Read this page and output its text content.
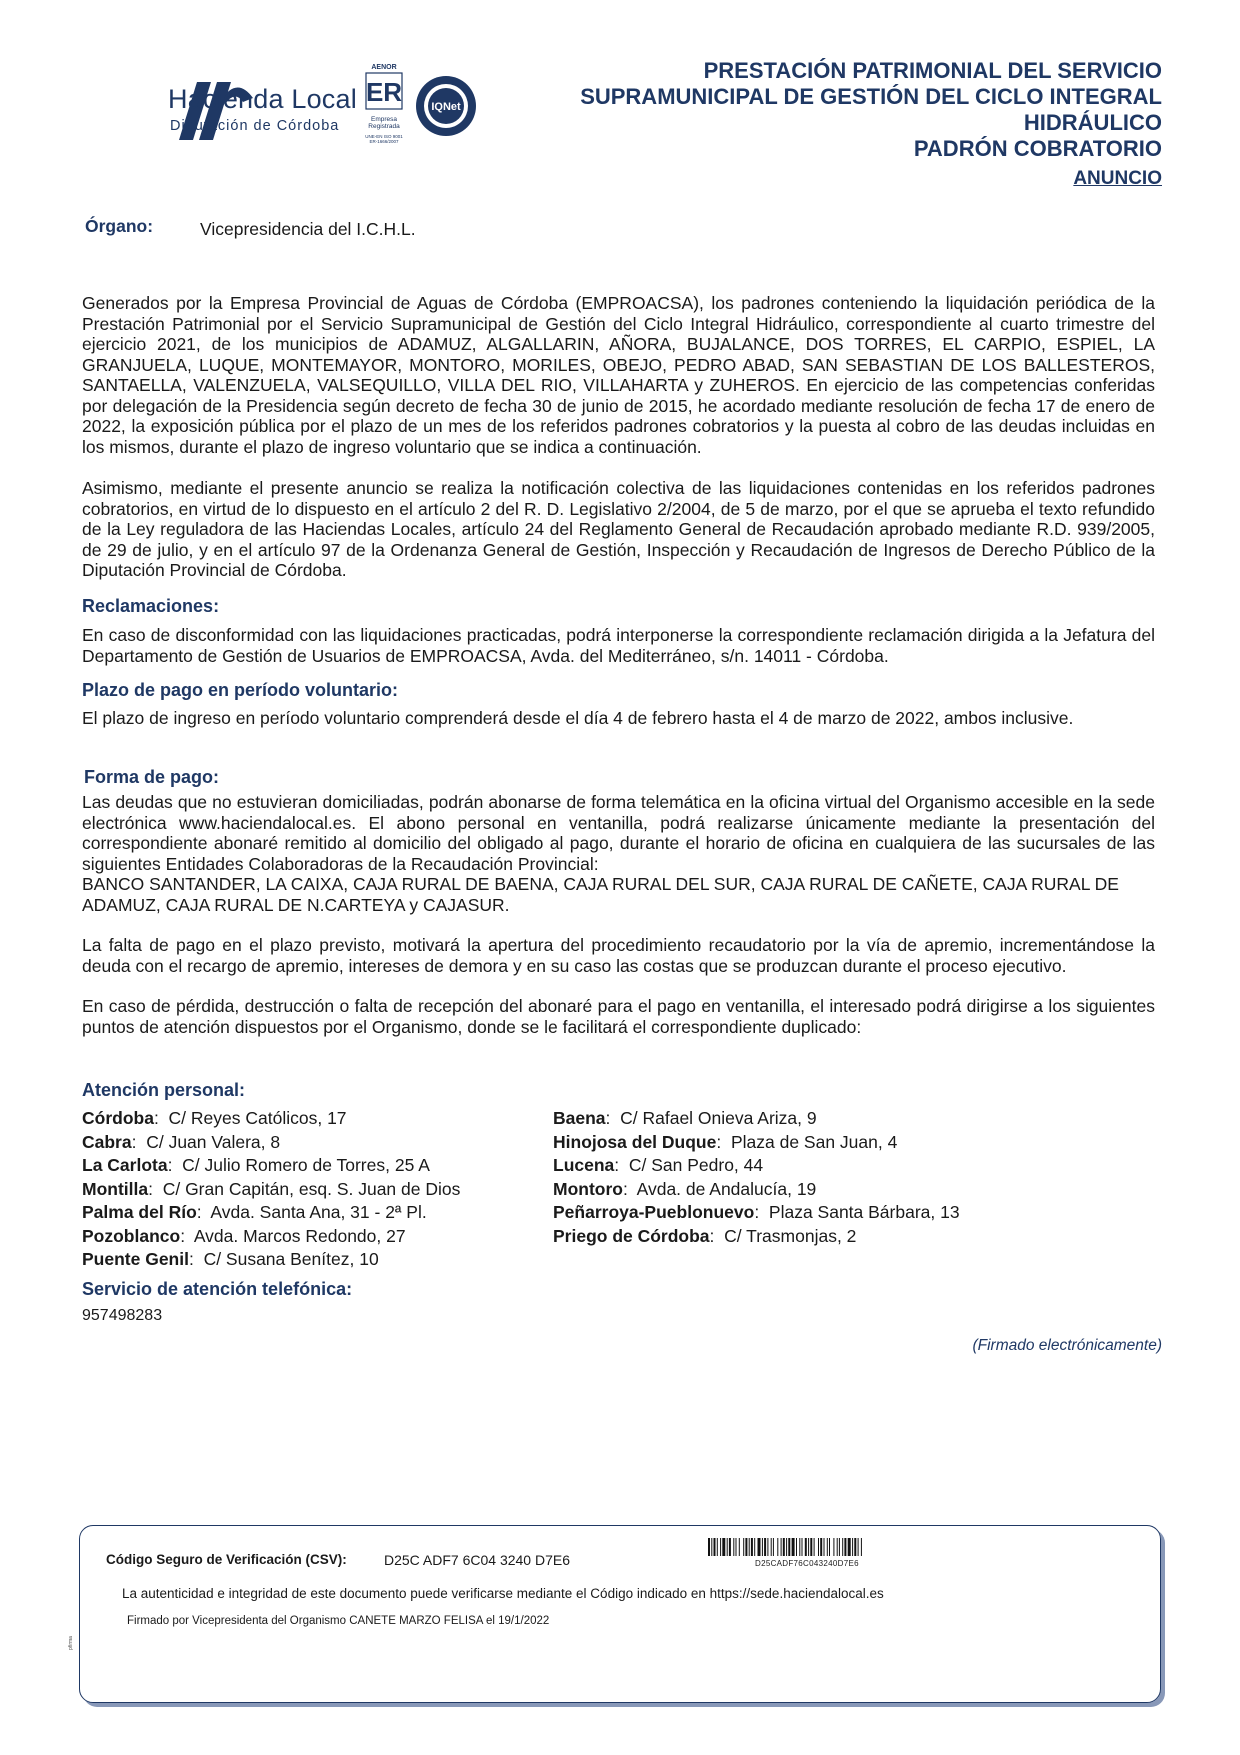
Hacienda Local
Diputación de Córdoba
AENOR
ER
Empresa
Registrada
UNE-EN ISO 9001
ER-1666/2007
IQNet
PRESTACIÓN PATRIMONIAL DEL SERVICIO
SUPRAMUNICIPAL DE GESTIÓN DEL CICLO INTEGRAL
HIDRÁULICO
PADRÓN COBRATORIO
ANUNCIO
Órgano:	Vicepresidencia del I.C.H.L.

Generados por la Empresa Provincial de Aguas de Córdoba (EMPROACSA), los padrones conteniendo la liquidación periódica de la Prestación Patrimonial por el Servicio Supramunicipal de Gestión del Ciclo Integral Hidráulico, correspondiente al cuarto trimestre del ejercicio 2021, de los municipios de ADAMUZ, ALGALLARIN, AÑORA, BUJALANCE, DOS TORRES, EL CARPIO, ESPIEL, LA GRANJUELA, LUQUE, MONTEMAYOR, MONTORO, MORILES, OBEJO, PEDRO ABAD, SAN SEBASTIAN DE LOS BALLESTEROS, SANTAELLA, VALENZUELA, VALSEQUILLO, VILLA DEL RIO, VILLAHARTA y ZUHEROS. En ejercicio de las competencias conferidas por delegación de la Presidencia según decreto de fecha 30 de junio de 2015, he acordado mediante resolución de fecha 17 de enero de 2022, la exposición pública por el plazo de un mes de los referidos padrones cobratorios y la puesta al cobro de las deudas incluidas en los mismos, durante el plazo de ingreso voluntario que se indica a continuación.

Asimismo, mediante el presente anuncio se realiza la notificación colectiva de las liquidaciones contenidas en los referidos padrones cobratorios, en virtud de lo dispuesto en el artículo 2 del R. D. Legislativo 2/2004, de 5 de marzo, por el que se aprueba el texto refundido de la Ley reguladora de las Haciendas Locales, artículo 24 del Reglamento General de Recaudación aprobado mediante R.D. 939/2005, de 29 de julio, y en el artículo 97 de la Ordenanza General de Gestión, Inspección y Recaudación de Ingresos de Derecho Público de la Diputación Provincial de Córdoba.

Reclamaciones:

En caso de disconformidad con las liquidaciones practicadas, podrá interponerse la correspondiente reclamación dirigida a la Jefatura del Departamento de Gestión de Usuarios de EMPROACSA, Avda. del Mediterráneo, s/n. 14011 - Córdoba.

Plazo de pago en período voluntario:

El plazo de ingreso en período voluntario comprenderá desde el día 4 de febrero hasta el 4 de marzo de 2022, ambos inclusive.

Forma de pago:

Las deudas que no estuvieran domiciliadas, podrán abonarse de forma telemática en la oficina virtual del Organismo accesible en la sede electrónica www.haciendalocal.es. El abono personal en ventanilla, podrá realizarse únicamente mediante la presentación del correspondiente abonaré remitido al domicilio del obligado al pago, durante el horario de oficina en cualquiera de las sucursales de las siguientes Entidades Colaboradoras de la Recaudación Provincial:

BANCO SANTANDER, LA CAIXA, CAJA RURAL DE BAENA, CAJA RURAL DEL SUR, CAJA RURAL DE CAÑETE, CAJA RURAL DE ADAMUZ, CAJA RURAL DE N.CARTEYA y CAJASUR.

La falta de pago en el plazo previsto, motivará la apertura del procedimiento recaudatorio por la vía de apremio, incrementándose la deuda con el recargo de apremio, intereses de demora y en su caso las costas que se produzcan durante el proceso ejecutivo.

En caso de pérdida, destrucción o falta de recepción del abonaré para el pago en ventanilla, el interesado podrá dirigirse a los siguientes puntos de atención dispuestos por el Organismo, donde se le facilitará el correspondiente duplicado:

Atención personal:
Córdoba:  C/ Reyes Católicos, 17
Cabra:  C/ Juan Valera, 8
La Carlota:  C/ Julio Romero de Torres, 25 A
Montilla:  C/ Gran Capitán, esq. S. Juan de Dios
Palma del Río:  Avda. Santa Ana, 31 - 2ª Pl.
Pozoblanco:  Avda. Marcos Redondo, 27
Puente Genil:  C/ Susana Benítez, 10
Baena:  C/ Rafael Onieva Ariza, 9
Hinojosa del Duque:  Plaza de San Juan, 4
Lucena:  C/ San Pedro, 44
Montoro:  Avda. de Andalucía, 19
Peñarroya-Pueblonuevo:  Plaza Santa Bárbara, 13
Priego de Córdoba:  C/ Trasmonjas, 2
Servicio de atención telefónica:
957498283
(Firmado electrónicamente)
Código Seguro de Verificación (CSV):	D25C ADF7 6C04 3240 D7E6	D25CADF76C043240D7E6
La autenticidad e integridad de este documento puede verificarse mediante el Código indicado en https://sede.haciendalocal.es
Firmado por Vicepresidenta del Organismo CANETE MARZO FELISA el 19/1/2022
pfirma
